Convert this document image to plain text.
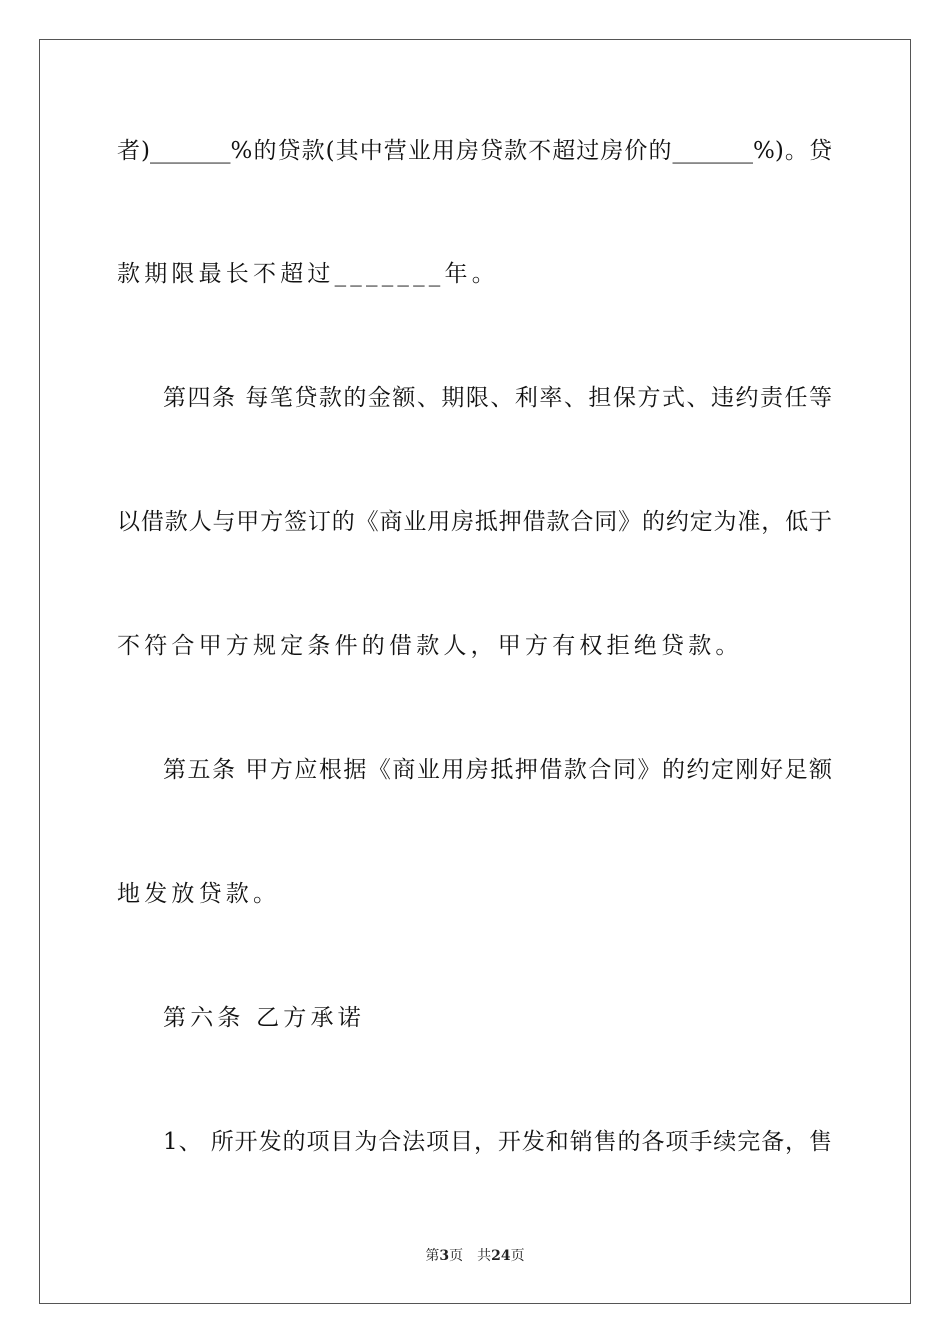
者)_______%的贷款(其中营业用房贷款不超过房价的_______%)。贷
款期限最长不超过_______年。
第四条 每笔贷款的金额、期限、利率、担保方式、违约责任等
以借款人与甲方签订的《商业用房抵押借款合同》的约定为准，低于
不符合甲方规定条件的借款人，甲方有权拒绝贷款。
第五条 甲方应根据《商业用房抵押借款合同》的约定刚好足额
地发放贷款。
第六条 乙方承诺
1、 所开发的项目为合法项目，开发和销售的各项手续完备，售
第3页 共24页
